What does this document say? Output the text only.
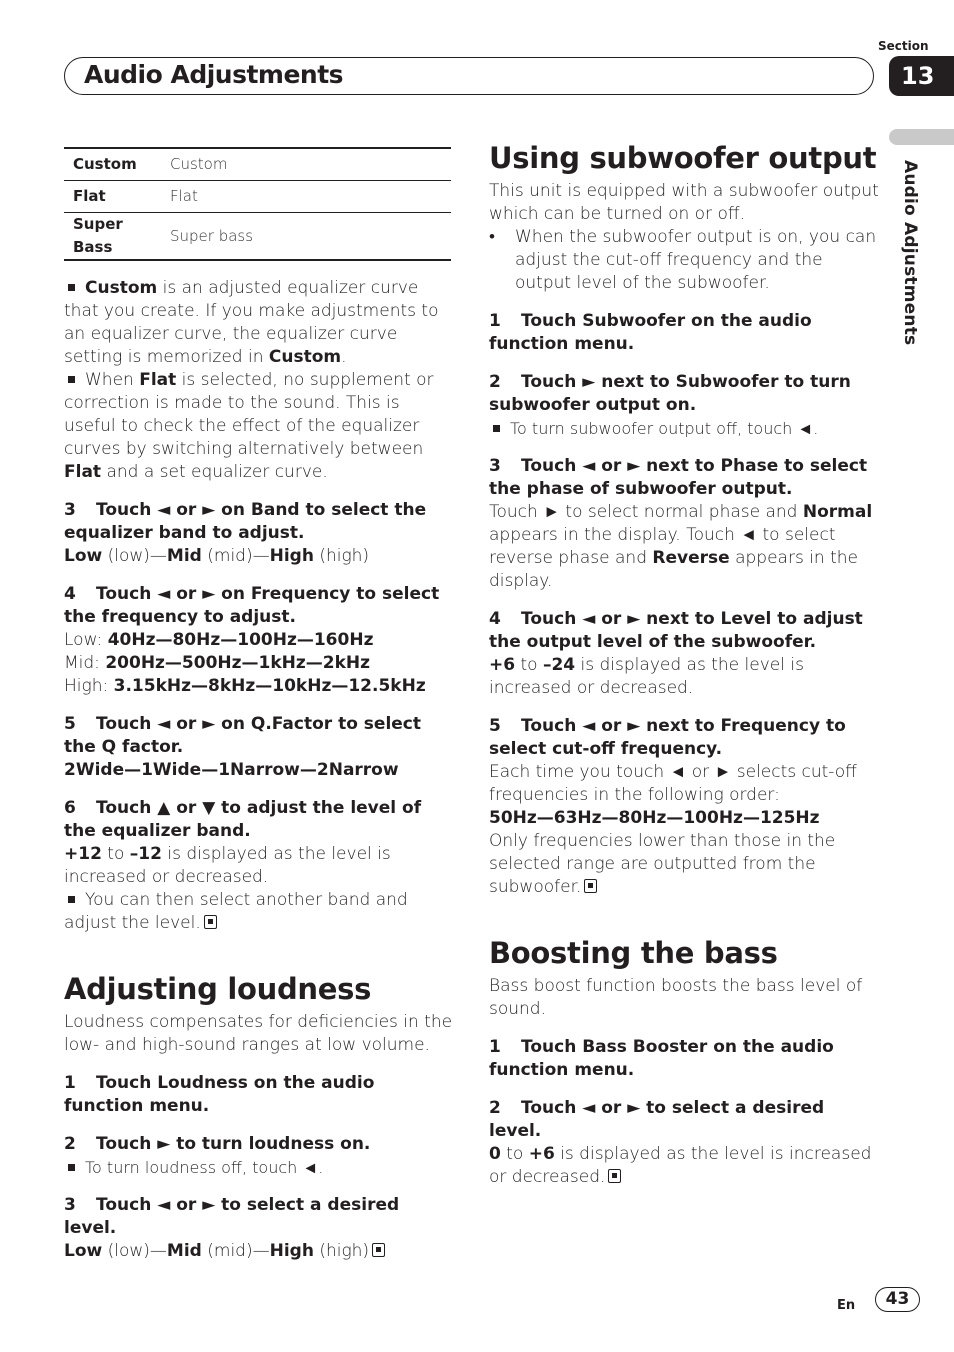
Section
13
Audio Adjustments
Audio Adjustments
Custom	Custom
Flat	Flat
Super Bass	Super bass

Custom is an adjusted equalizer curve that you create. If you make adjustments to an equalizer curve, the equalizer curve setting is memorized in Custom.

When Flat is selected, no supplement or correction is made to the sound. This is useful to check the effect of the equalizer curves by switching alternatively between Flat and a set equalizer curve.

3 Touch ◄ or ► on Band to select the equalizer band to adjust.

Low (low)—Mid (mid)—High (high)

4 Touch ◄ or ► on Frequency to select the frequency to adjust.

Low: 40Hz—80Hz—100Hz—160Hz

Mid: 200Hz—500Hz—1kHz—2kHz

High: 3.15kHz—8kHz—10kHz—12.5kHz

5 Touch ◄ or ► on Q.Factor to select the Q factor.

2Wide—1Wide—1Narrow—2Narrow

6 Touch ▲ or ▼ to adjust the level of the equalizer band.

+12 to –12 is displayed as the level is increased or decreased.

You can then select another band and adjust the level.

Adjusting loudness

Loudness compensates for deficiencies in the low- and high-sound ranges at low volume.

1 Touch Loudness on the audio function menu.

2 Touch ► to turn loudness on.

To turn loudness off, touch ◄.

3 Touch ◄ or ► to select a desired level.

Low (low)—Mid (mid)—High (high)

Using subwoofer output

This unit is equipped with a subwoofer output which can be turned on or off.

• When the subwoofer output is on, you can adjust the cut-off frequency and the output level of the subwoofer.

1 Touch Subwoofer on the audio function menu.

2 Touch ► next to Subwoofer to turn subwoofer output on.

To turn subwoofer output off, touch ◄.

3 Touch ◄ or ► next to Phase to select the phase of subwoofer output.

Touch ► to select normal phase and Normal appears in the display. Touch ◄ to select reverse phase and Reverse appears in the display.

4 Touch ◄ or ► next to Level to adjust the output level of the subwoofer.

+6 to –24 is displayed as the level is increased or decreased.

5 Touch ◄ or ► next to Frequency to select cut-off frequency.

Each time you touch ◄ or ► selects cut-off frequencies in the following order:

50Hz—63Hz—80Hz—100Hz—125Hz

Only frequencies lower than those in the selected range are outputted from the subwoofer.

Boosting the bass

Bass boost function boosts the bass level of sound.

1 Touch Bass Booster on the audio function menu.

2 Touch ◄ or ► to select a desired level.

0 to +6 is displayed as the level is increased or decreased.

En	43
